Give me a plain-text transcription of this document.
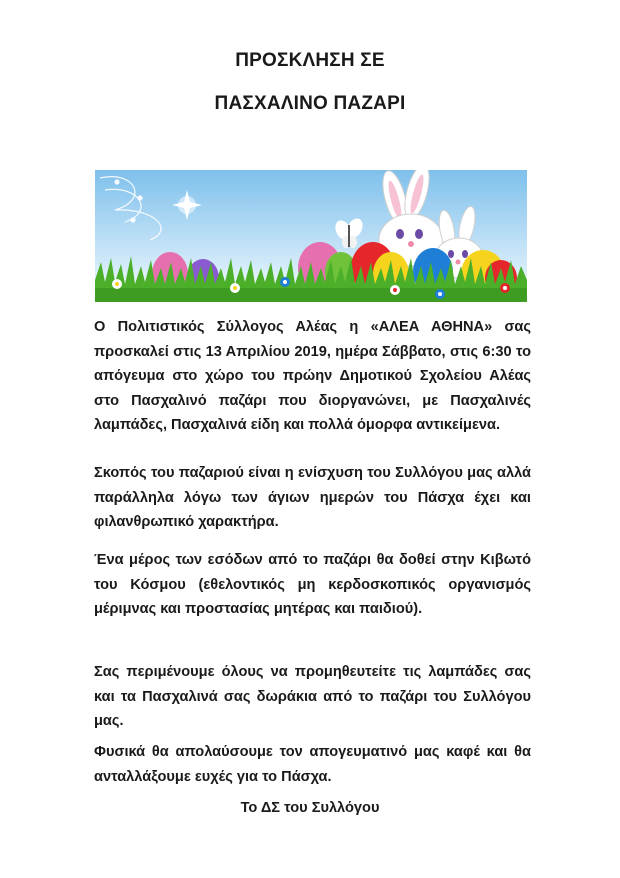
ΠΡΟΣΚΛΗΣΗ ΣΕ
ΠΑΣΧΑΛΙΝΟ ΠΑΖΑΡΙ

Ο Πολιτιστικός Σύλλογος Αλέας η «ΑΛΕΑ ΑΘΗΝΑ» σας προσκαλεί στις 13 Απριλίου 2019, ημέρα Σάββατο, στις 6:30 το απόγευμα στο χώρο του πρώην Δημοτικού Σχολείου Αλέας στο Πασχαλινό παζάρι που διοργανώνει, με Πασχαλινές λαμπάδες, Πασχαλινά είδη και πολλά όμορφα αντικείμενα.

Σκοπός του παζαριού είναι η ενίσχυση του Συλλόγου μας αλλά παράλληλα λόγω των άγιων ημερών του Πάσχα έχει και φιλανθρωπικό χαρακτήρα.

Ένα μέρος των εσόδων από το παζάρι θα δοθεί στην Κιβωτό του Κόσμου (εθελοντικός μη κερδοσκοπικός οργανισμός μέριμνας και προστασίας μητέρας και παιδιού).

Σας περιμένουμε όλους να προμηθευτείτε τις λαμπάδες σας και τα Πασχαλινά σας δωράκια από το παζάρι του Συλλόγου μας.

Φυσικά θα απολαύσουμε τον απογευματινό μας καφέ και θα ανταλλάξουμε ευχές για το Πάσχα.

Το ΔΣ του Συλλόγου
